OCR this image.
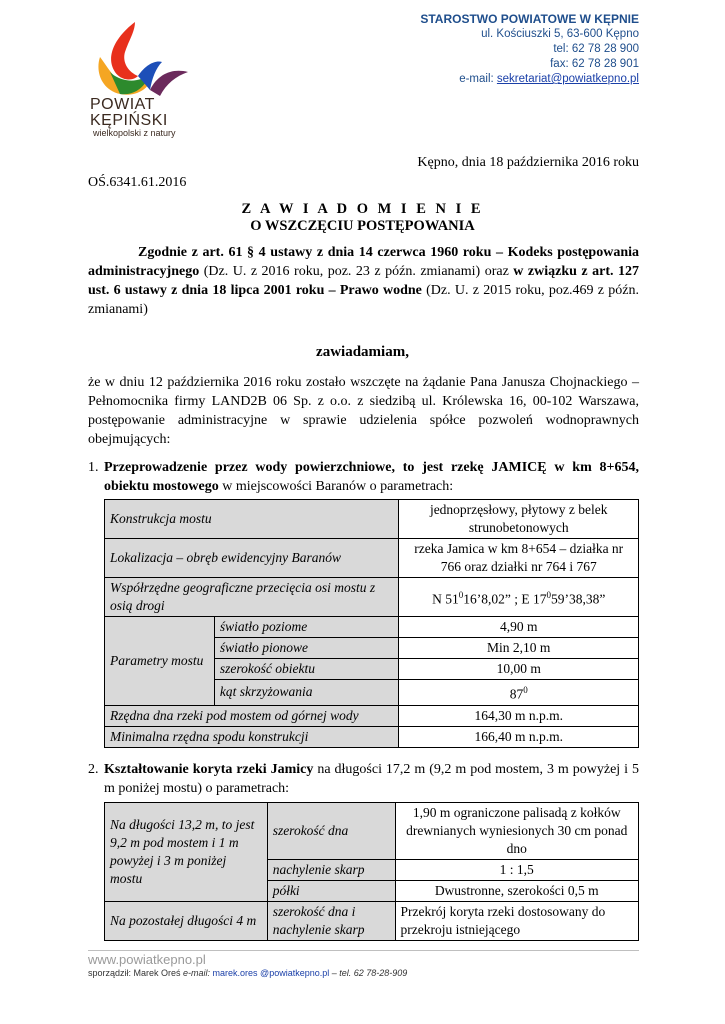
STAROSTWO POWIATOWE W KĘPNIE
ul. Kościuszki 5, 63-600 Kępno
tel: 62 78 28 900
fax: 62 78 28 901
e-mail: sekretariat@powiatkepno.pl
POWIAT
KĘPIŃSKI
wielkopolski z natury
Kępno, dnia 18 października 2016 roku
OŚ.6341.61.2016
Z A W I A D O M I E N I E
O WSZCZĘCIU POSTĘPOWANIA
Zgodnie z art. 61 § 4 ustawy z dnia 14 czerwca 1960 roku – Kodeks postępowania administracyjnego (Dz. U. z 2016 roku, poz. 23 z późn. zmianami) oraz w związku z art. 127 ust. 6 ustawy z dnia 18 lipca 2001 roku – Prawo wodne (Dz. U. z 2015 roku, poz.469 z późn. zmianami)
zawiadamiam,
że w dniu 12 października 2016 roku zostało wszczęte na żądanie Pana Janusza Chojnackiego – Pełnomocnika firmy LAND2B 06 Sp. z o.o. z siedzibą ul. Królewska 16, 00-102 Warszawa, postępowanie administracyjne w sprawie udzielenia spółce pozwoleń wodnoprawnych obejmujących:
1. Przeprowadzenie przez wody powierzchniowe, to jest rzekę JAMICĘ w km 8+654, obiektu mostowego w miejscowości Baranów o parametrach:
Konstrukcja mostu		jednoprzęsłowy, płytowy z belek strunobetonowych
Lokalizacja – obręb ewidencyjny Baranów		rzeka Jamica w km 8+654 – działka nr 766 oraz działki nr 764 i 767
Współrzędne geograficzne przecięcia osi mostu z osią drogi		N $51^016’8,02$” ; E $17^059’38,38$”
Parametry mostu	światło poziome	4,90 m
	światło pionowe	Min 2,10 m
	szerokość obiektu	10,00 m
	kąt skrzyżowania	$87^0$
Rzędna dna rzeki pod mostem od górnej wody		164,30 m n.p.m.
Minimalna rzędna spodu konstrukcji		166,40 m n.p.m.
2. Kształtowanie koryta rzeki Jamicy na długości 17,2 m (9,2 m pod mostem, 3 m powyżej i 5 m poniżej mostu) o parametrach:
Na długości 13,2 m, to jest 9,2 m pod mostem i 1 m powyżej i 3 m poniżej mostu	szerokość dna	1,90 m ograniczone palisadą z kołków drewnianych wyniesionych 30 cm ponad dno
	nachylenie skarp	1 : 1,5
	półki	Dwustronne, szerokości 0,5 m
Na pozostałej długości 4 m	szerokość dna i nachylenie skarp	Przekrój koryta rzeki dostosowany do przekroju istniejącego
www.powiatkepno.pl
sporządził: Marek Oreś e-mail: marek.ores @powiatkepno.pl – tel. 62 78-28-909
